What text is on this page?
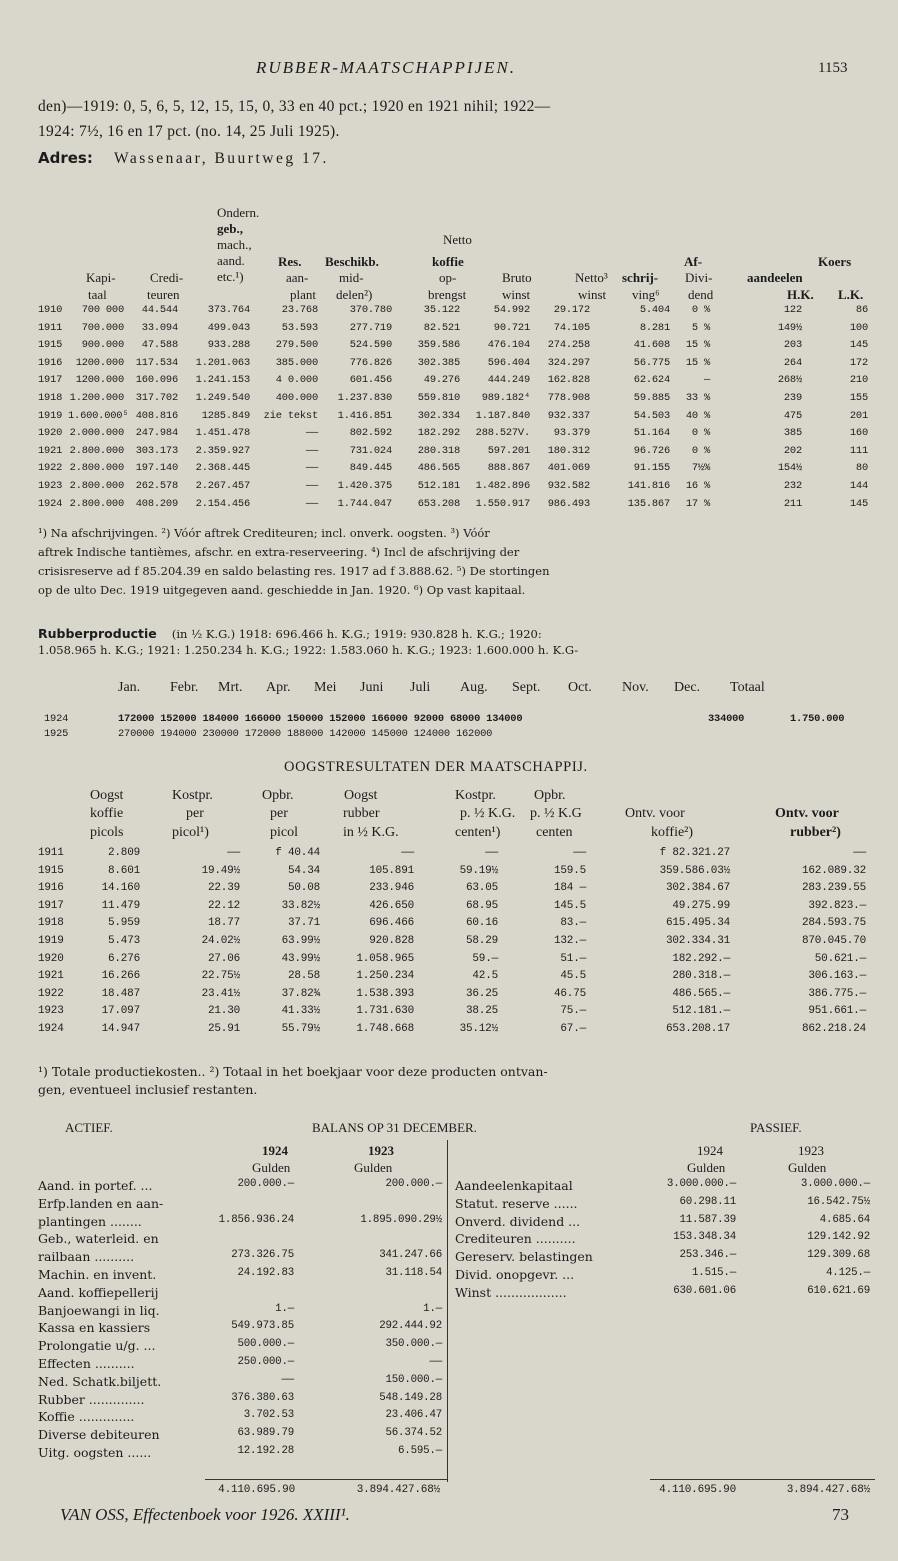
RUBBER-MAATSCHAPPIJEN.	1153
den)—1919: 0, 5, 6, 5, 12, 15, 15, 0, 33 en 40 pct.; 1920 en 1921 nihil; 1922—
1924: 7½, 16 en 17 pct. (no. 14, 25 Juli 1925).
Adres: Wassenaar, Buurtweg 17.
Ondern.
geb.,
mach.,
aand.
etc.¹)
Netto
Res. Beschikb.	koffie	Af-	Koers
Kapi-	Credi-	aan- mid-	op-	Bruto	Netto³ schrij- Divi-	aandeelen
taal	teuren	plant delen²)	brengst	winst	winst ving⁶ dend	H.K. L.K.
1910	700 000	44.544	373.764	23.768	370.780	35.122	54.992	29.172	5.404	0 %	122	86
1911	700.000	33.094	499.043	53.593	277.719	82.521	90.721	74.105	8.281	5 %	149½	100
1915	900.000	47.588	933.288	279.500	524.590	359.586	476.104	274.258	41.608	15 %	203	145
1916	1200.000	117.534	1.201.063	385.000	776.826	302.385	596.404	324.297	56.775	15 %	264	172
1917	1200.000	160.096	1.241.153	4 0.000	601.456	49.276	444.249	162.828	62.624	—	268½	210
1918 1.200.000	317.702	1.249.540	400.000	1.237.830	559.810	989.182⁴	778.908	59.885	33 %	239	155
1919 1.600.000⁵ 408.816	1285.849	zie tekst	1.416.851	302.334	1.187.840	932.337	54.503	40 %	475	201
1920 2.000.000	247.984	1.451.478	——	802.592	182.292	288.527V.	93.379	51.164	0 %	385	160
1921 2.800.000	303.173	2.359.927	——	731.024	280.318	597.201	180.312	96.726	0 %	202	111
1922 2.800.000	197.140	2.368.445	——	849.445	486.565	888.867	401.069	91.155	7½%	154½	80
1923 2.800.000	262.578	2.267.457	——	1.420.375	512.181	1.482.896	932.582	141.816	16 %	232	144
1924 2.800.000	408.209	2.154.456	——	1.744.047	653.208	1.550.917	986.493	135.867	17 %	211	145
¹) Na afschrijvingen. ²) Vóór aftrek Crediteuren; incl. onverk. oogsten. ³) Vóór
aftrek Indische tantièmes, afschr. en extra-reserveering. ⁴) Incl de afschrijving der
crisisreserve ad f 85.204.39 en saldo belasting res. 1917 ad f 3.888.62. ⁵) De stortingen
op de ulto Dec. 1919 uitgegeven aand. geschiedde in Jan. 1920. ⁶) Op vast kapitaal.
Rubberproductie (in ½ K.G.) 1918: 696.466 h. K.G.; 1919: 930.828 h. K.G.; 1920:
1.058.965 h. K.G.; 1921: 1.250.234 h. K.G.; 1922: 1.583.060 h. K.G.; 1923: 1.600.000 h. K.G-
Jan.	Febr.	Mrt.	Apr.	Mei	Juni	Juli	Aug.	Sept.	Oct.	Nov.	Dec.	Totaal
1924	172000 152000 184000 166000 150000 152000 166000 92000 68000 134000	334000	1.750.000
1925	270000 194000 230000 172000 188000 142000 145000 124000 162000
OOGSTRESULTATEN DER MAATSCHAPPIJ.
Oogst	Kostpr.	Opbr.	Oogst	Kostpr.	Opbr.
koffie	per	per	rubber	p. ½ K.G. p. ½ K.G	Ontv. voor	Ontv. voor
picols	picol¹)	picol	in ½ K.G.	centen¹)	centen	koffie²)	rubber²)
1911	2.809	——	f 40.44	——	——	——	f 82.321.27	——
1915	8.601	19.49½	54.34	105.891	59.19½	159.5	359.586.03½	162.089.32
1916	14.160	22.39	50.08	233.946	63.05	184 —	302.384.67	283.239.55
1917	11.479	22.12	33.82½	426.650	68.95	145.5	49.275.99	392.823.—
1918	5.959	18.77	37.71	696.466	60.16	83.—	615.495.34	284.593.75
1919	5.473	24.02½	63.99½	920.828	58.29	132.—	302.334.31	870.045.70
1920	6.276	27.06	43.99½	1.058.965	59.—	51.—	182.292.—	50.621.—
1921	16.266	22.75½	28.58	1.250.234	42.5	45.5	280.318.—	306.163.—
1922	18.487	23.41½	37.82¾	1.538.393	36.25	46.75	486.565.—	386.775.—
1923	17.097	21.30	41.33½	1.731.630	38.25	75.—	512.181.—	951.661.—
1924	14.947	25.91	55.79½	1.748.668	35.12½	67.—	653.208.17	862.218.24
¹) Totale productiekosten.. ²) Totaal in het boekjaar voor deze producten ontvan-
gen, eventueel inclusief restanten.
ACTIEF.	BALANS OP 31 DECEMBER.	PASSIEF.
1924	1923
Gulden	Gulden
1924	1923
Gulden	Gulden
Aand. in portef. ...	200.000.—	200.000.—
Erfp.landen en aan-
plantingen ........	1.856.936.24	1.895.090.29½
Geb., waterleid. en
railbaan ..........	273.326.75	341.247.66
Machin. en invent.	24.192.83	31.118.54
Aand. koffiepellerij
Banjoewangi in liq.	1.—	1.—
Kassa en kassiers	549.973.85	292.444.92
Prolongatie u/g. ...	500.000.—	350.000.—
Effecten ..........	250.000.—	——
Ned. Schatk.biljett.	——	150.000.—
Rubber ..............	376.380.63	548.149.28
Koffie ..............	3.702.53	23.406.47
Diverse debiteuren	63.989.79	56.374.52
Uitg. oogsten ......	12.192.28	6.595.—
Aandeelenkapitaal	3.000.000.—	3.000.000.—
Statut. reserve ......	60.298.11	16.542.75½
Onverd. dividend ...	11.587.39	4.685.64
Crediteuren ..........	153.348.34	129.142.92
Gereserv. belastingen	253.346.—	129.309.68
Divid. onopgevr. ...	1.515.—	4.125.—
Winst ..................	630.601.06	610.621.69
4.110.695.90	3.894.427.68½	4.110.695.90	3.894.427.68½
VAN OSS, Effectenboek voor 1926. XXIII¹.	73
